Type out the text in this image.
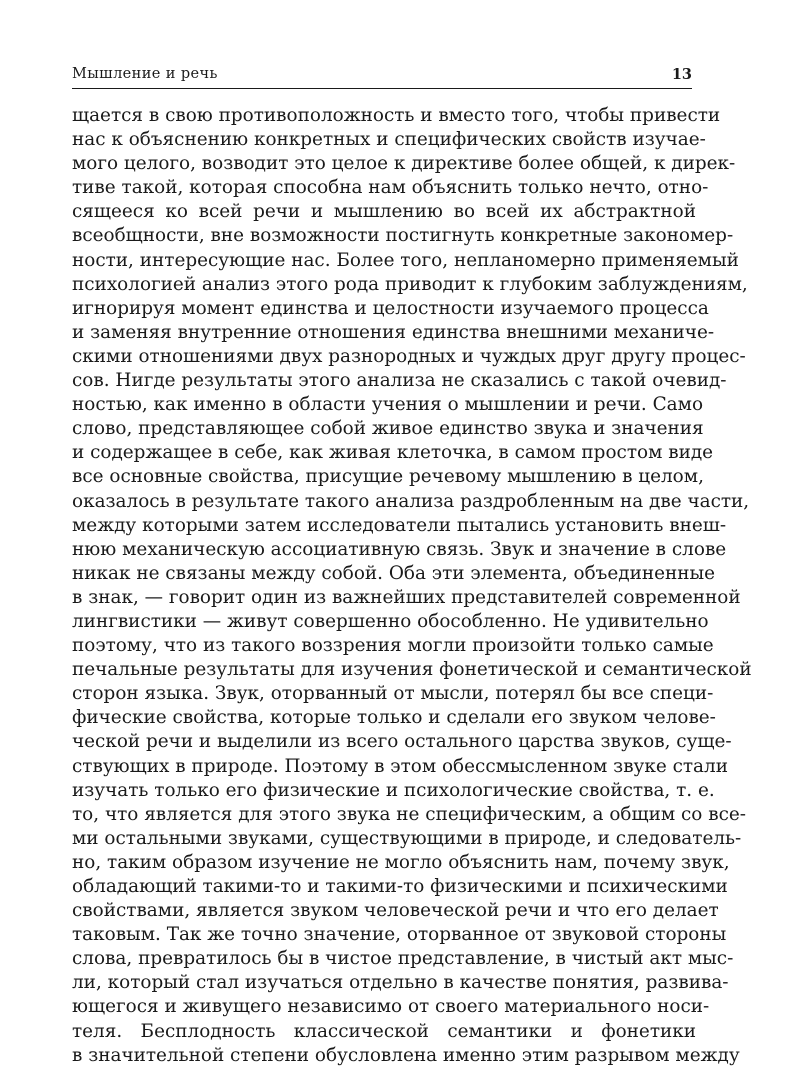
Мышление и речь	13
щается в свою противоположность и вместо того, чтобы привести
нас к объяснению конкретных и специфических свойств изучае-
мого целого, возводит это целое к директиве более общей, к дирек-
тиве такой, которая способна нам объяснить только нечто, отно-
сящееся ко всей речи и мышлению во всей их абстрактной
всеобщности, вне возможности постигнуть конкретные закономер-
ности, интересующие нас. Более того, непланомерно применяемый
психологией анализ этого рода приводит к глубоким заблуждениям,
игнорируя момент единства и целостности изучаемого процесса
и заменяя внутренние отношения единства внешними механиче-
скими отношениями двух разнородных и чуждых друг другу процес-
сов. Нигде результаты этого анализа не сказались с такой очевид-
ностью, как именно в области учения о мышлении и речи. Само
слово, представляющее собой живое единство звука и значения
и содержащее в себе, как живая клеточка, в самом простом виде
все основные свойства, присущие речевому мышлению в целом,
оказалось в результате такого анализа раздробленным на две части,
между которыми затем исследователи пытались установить внеш-
нюю механическую ассоциативную связь. Звук и значение в слове
никак не связаны между собой. Оба эти элемента, объединенные
в знак, — говорит один из важнейших представителей современной
лингвистики — живут совершенно обособленно. Не удивительно
поэтому, что из такого воззрения могли произойти только самые
печальные результаты для изучения фонетической и семантической
сторон языка. Звук, оторванный от мысли, потерял бы все специ-
фические свойства, которые только и сделали его звуком челове-
ческой речи и выделили из всего остального царства звуков, суще-
ствующих в природе. Поэтому в этом обессмысленном звуке стали
изучать только его физические и психологические свойства, т. е.
то, что является для этого звука не специфическим, а общим со все-
ми остальными звуками, существующими в природе, и следователь-
но, таким образом изучение не могло объяснить нам, почему звук,
обладающий такими-то и такими-то физическими и психическими
свойствами, является звуком человеческой речи и что его делает
таковым. Так же точно значение, оторванное от звуковой стороны
слова, превратилось бы в чистое представление, в чистый акт мыс-
ли, который стал изучаться отдельно в качестве понятия, развива-
ющегося и живущего независимо от своего материального носи-
теля. Бесплодность классической семантики и фонетики
в значительной степени обусловлена именно этим разрывом между
